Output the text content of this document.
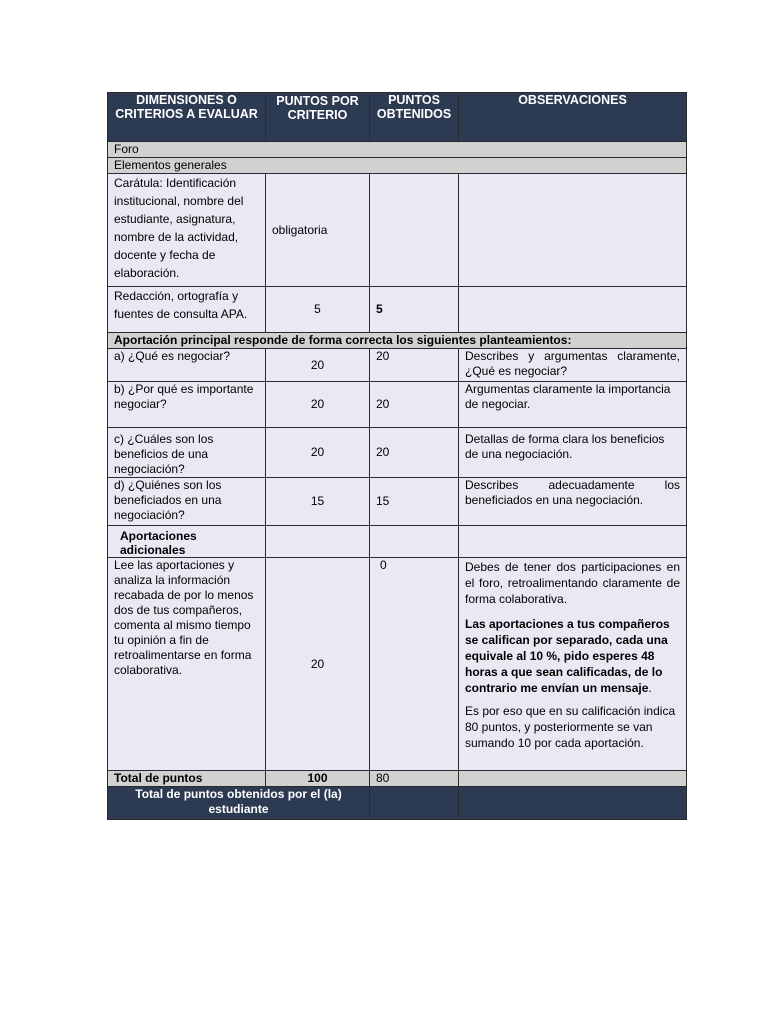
DIMENSIONES O CRITERIOS A EVALUAR	PUNTOS POR CRITERIO	PUNTOS OBTENIDOS	OBSERVACIONES
Foro			
Elementos generales			
Carátula: Identificación institucional, nombre del estudiante, asignatura, nombre de la actividad, docente y fecha de elaboración.	obligatoria		
Redacción, ortografía y fuentes de consulta APA.	5	5	
Aportación principal responde de forma correcta los siguientes planteamientos:			
a) ¿Qué es negociar?	20	20	Describes y argumentas claramente, ¿Qué es negociar?
b) ¿Por qué es importante negociar?	20	20	Argumentas claramente la importancia de negociar.
c) ¿Cuáles son los beneficios de una negociación?	20	20	Detallas de forma clara los beneficios de una negociación.
d) ¿Quiénes son los beneficiados en una negociación?	15	15	Describes adecuadamente los beneficiados en una negociación.
Aportaciones adicionales			
Lee las aportaciones y analiza la información recabada de por lo menos dos de tus compañeros, comenta al mismo tiempo tu opinión a fin de retroalimentarse en forma colaborativa.	20	0	Debes de tener dos participaciones en el foro, retroalimentando claramente de forma colaborativa.

Las aportaciones a tus compañeros se califican por separado, cada una equivale al 10 %, pido esperes 48 horas a que sean calificadas, de lo contrario me envían un mensaje.

Es por eso que en su calificación indica 80 puntos, y posteriormente se van sumando 10 por cada aportación.

Total de puntos	100	80	
Total de puntos obtenidos por el (la) estudiante			
